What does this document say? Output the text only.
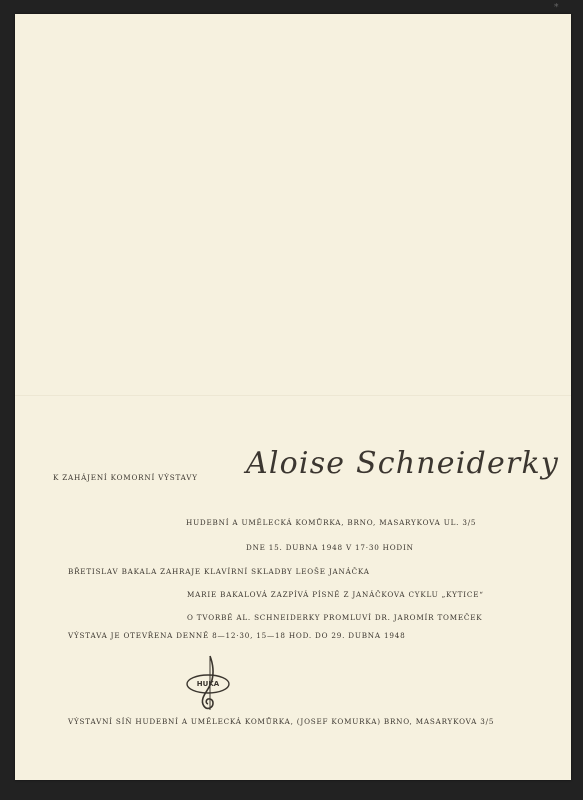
*
K ZAHÁJENÍ KOMORNÍ VÝSTAVY Aloise Schneiderky
HUDEBNÍ A UMĚLECKÁ KOMŮRKA, BRNO, MASARYKOVA UL. 3/5
DNE 15. DUBNA 1948 V 17·30 HODIN
BŘETISLAV BAKALA ZAHRAJE KLAVÍRNÍ SKLADBY LEOŠE JANÁČKA
MARIE BAKALOVÁ ZAZPÍVÁ PÍSNĚ Z JANÁČKOVA CYKLU „KYTICE“
O TVORBĚ AL. SCHNEIDERKY PROMLUVÍ DR. JAROMÍR TOMEČEK
VÝSTAVA JE OTEVŘENA DENNĚ 8—12·30, 15—18 HOD. DO 29. DUBNA 1948
HUKA
VÝSTAVNÍ SÍŇ HUDEBNÍ A UMĚLECKÁ KOMŮRKA, (JOSEF KOMURKA) BRNO, MASARYKOVA 3/5
